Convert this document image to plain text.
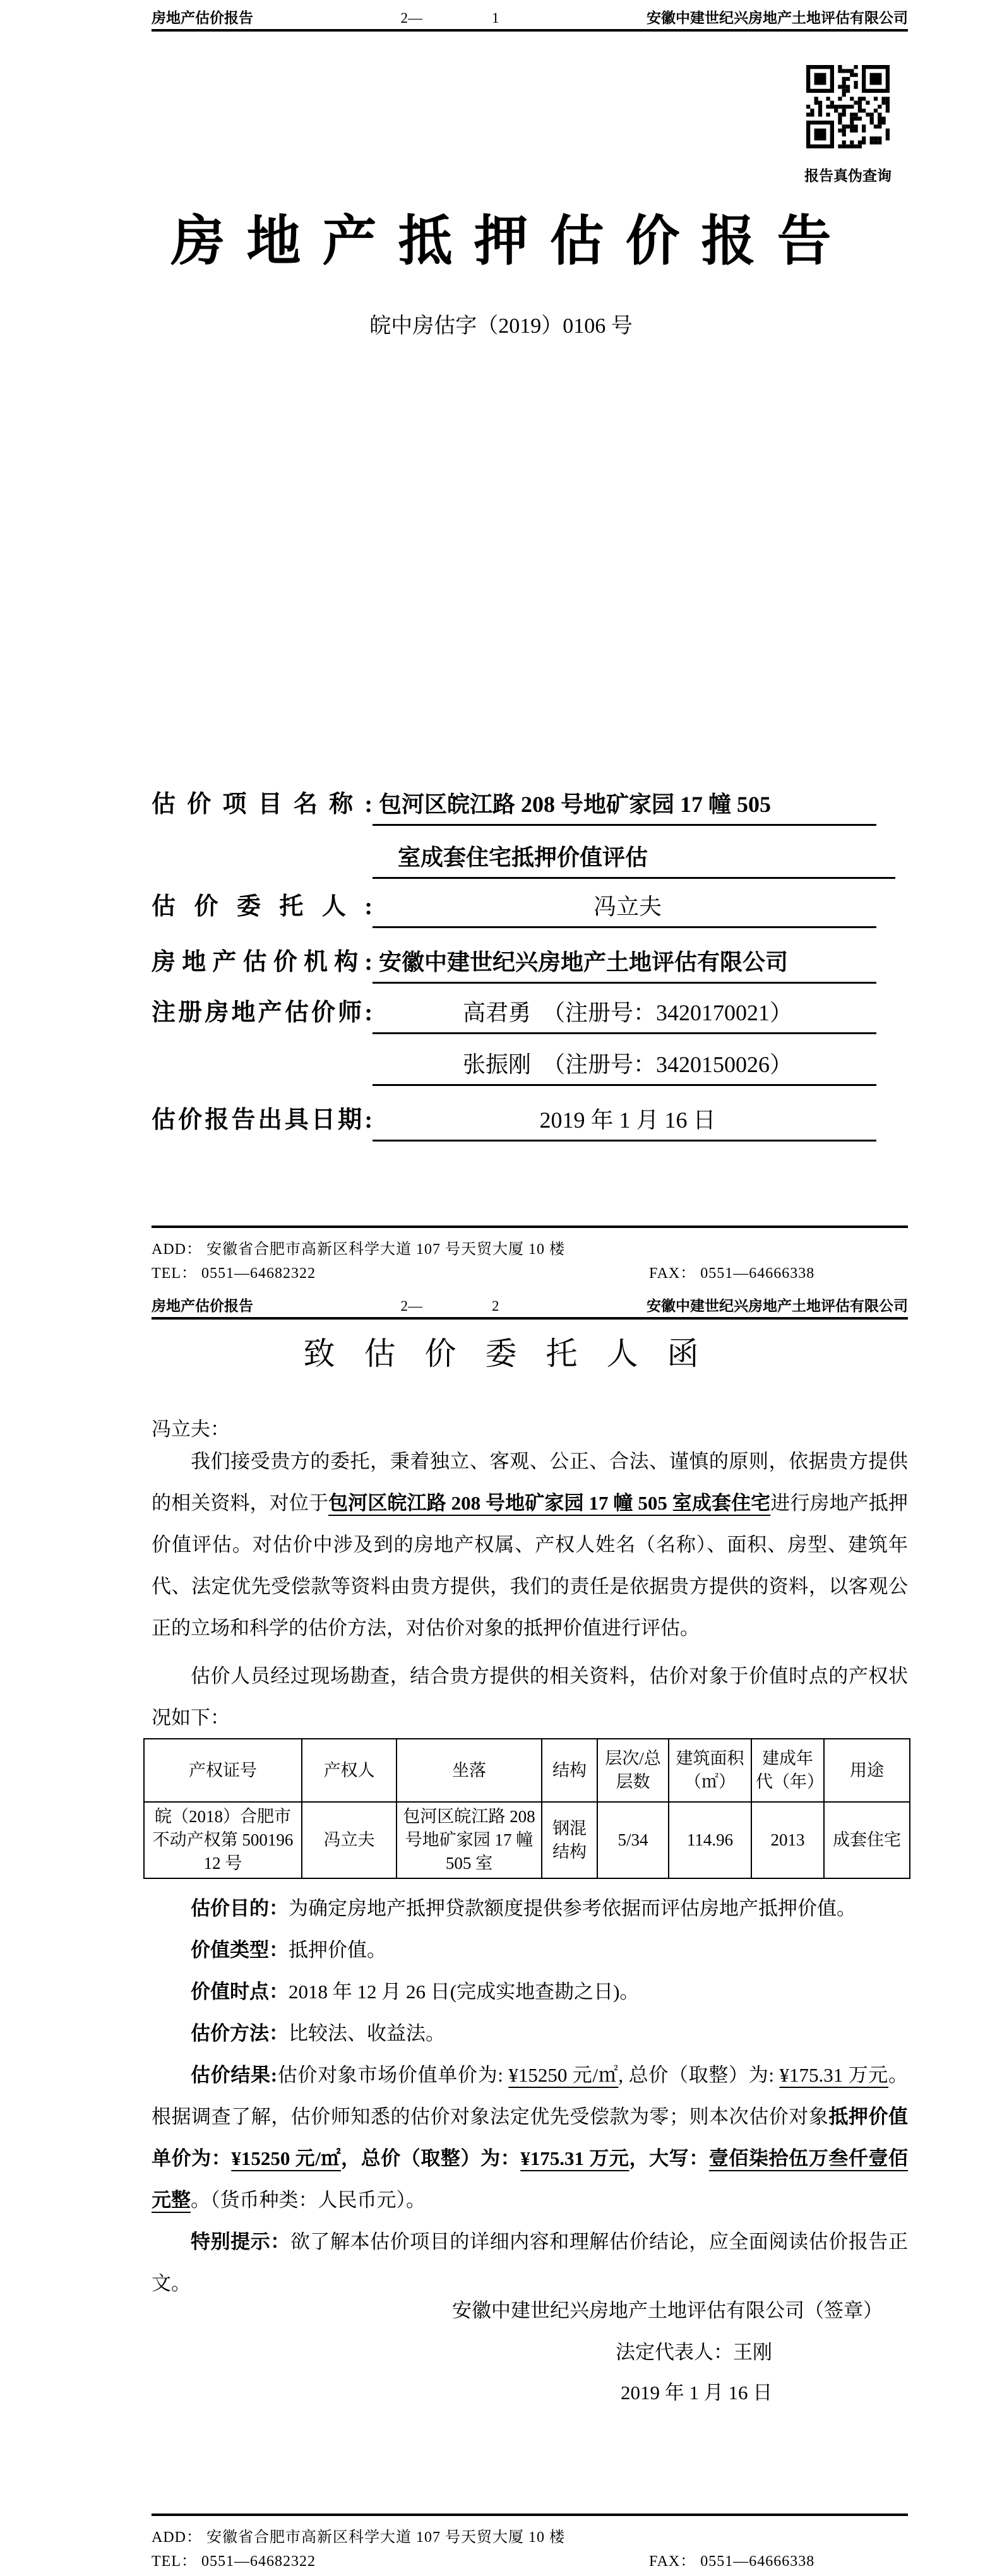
房地产估价报告	2—	1	安徽中建世纪兴房地产土地评估有限公司
报告真伪查询
房地产抵押估价报告
皖中房估字（2019）0106 号
估价项目名称: 包河区皖江路 208 号地矿家园 17 幢 505
室成套住宅抵押价值评估
估价委托人:	冯立夫
房地产估价机构: 安徽中建世纪兴房地产土地评估有限公司
注册房地产估价师:	高君勇　（注册号：3420170021）
张振刚　（注册号：3420150026）
估价报告出具日期:	2019 年 1 月 16 日
ADD： 安徽省合肥市高新区科学大道 107 号天贸大厦 10 楼
TEL： 0551—64682322	FAX： 0551—64666338
房地产估价报告	2—	2	安徽中建世纪兴房地产土地评估有限公司
致估价委托人函
冯立夫：
我们接受贵方的委托，秉着独立、客观、公正、合法、谨慎的原则，依据贵方提供的相关资料，对位于包河区皖江路 208 号地矿家园 17 幢 505 室成套住宅进行房地产抵押价值评估。对估价中涉及到的房地产权属、产权人姓名（名称）、面积、房型、建筑年代、法定优先受偿款等资料由贵方提供，我们的责任是依据贵方提供的资料，以客观公正的立场和科学的估价方法，对估价对象的抵押价值进行评估。
估价人员经过现场勘查，结合贵方提供的相关资料，估价对象于价值时点的产权状况如下：
产权证号	产权人	坐落	结构	层次/总层数	建筑面积（㎡）	建成年代（年）	用途
皖（2018）合肥市不动产权第 50019612 号	冯立夫	包河区皖江路 208 号地矿家园 17 幢 505 室	钢混结构	5/34	114.96	2013	成套住宅

估价目的：为确定房地产抵押贷款额度提供参考依据而评估房地产抵押价值。

价值类型：抵押价值。

价值时点：2018 年 12 月 26 日(完成实地查勘之日)。

估价方法：比较法、收益法。

估价结果:估价对象市场价值单价为: ¥15250 元/㎡, 总价（取整）为: ¥175.31 万元。根据调查了解，估价师知悉的估价对象法定优先受偿款为零；则本次估价对象抵押价值单价为：¥15250 元/㎡，总价（取整）为：¥175.31 万元，大写：壹佰柒拾伍万叁仟壹佰元整。（货币种类：人民币元）。

特别提示：欲了解本估价项目的详细内容和理解估价结论，应全面阅读估价报告正文。

安徽中建世纪兴房地产土地评估有限公司（签章）
法定代表人：王刚
2019 年 1 月 16 日
ADD： 安徽省合肥市高新区科学大道 107 号天贸大厦 10 楼
TEL： 0551—64682322	FAX： 0551—64666338
